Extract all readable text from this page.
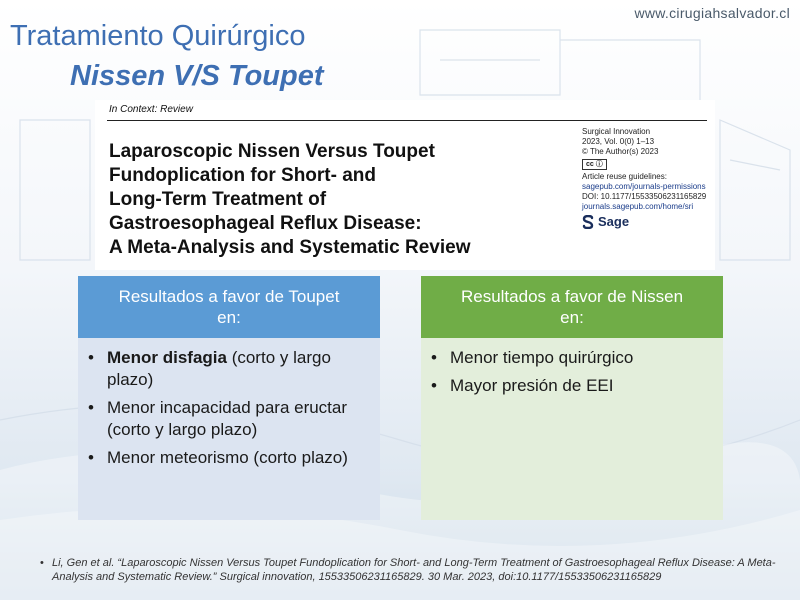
www.cirugiahsalvador.cl
Tratamiento Quirúrgico
Nissen V/S Toupet
In Context: Review
Laparoscopic Nissen Versus Toupet
Fundoplication for Short- and
Long-Term Treatment of
Gastroesophageal Reflux Disease:
A Meta-Analysis and Systematic Review
Surgical Innovation
2023, Vol. 0(0) 1–13
© The Author(s) 2023
cc ⓘ
Article reuse guidelines:
sagepub.com/journals-permissions
DOI: 10.1177/15533506231165829
journals.sagepub.com/home/sri
Sage
Resultados a favor de Toupet
en:
• Menor disfagia (corto y largo plazo)
• Menor incapacidad para eructar (corto y largo plazo)
• Menor meteorismo (corto plazo)
Resultados a favor de Nissen
en:
• Menor tiempo quirúrgico
• Mayor presión de EEI
• Li, Gen et al. “Laparoscopic Nissen Versus Toupet Fundoplication for Short- and Long-Term Treatment of Gastroesophageal Reflux Disease: A Meta-Analysis and Systematic Review.” Surgical innovation, 15533506231165829. 30 Mar. 2023, doi:10.1177/15533506231165829
